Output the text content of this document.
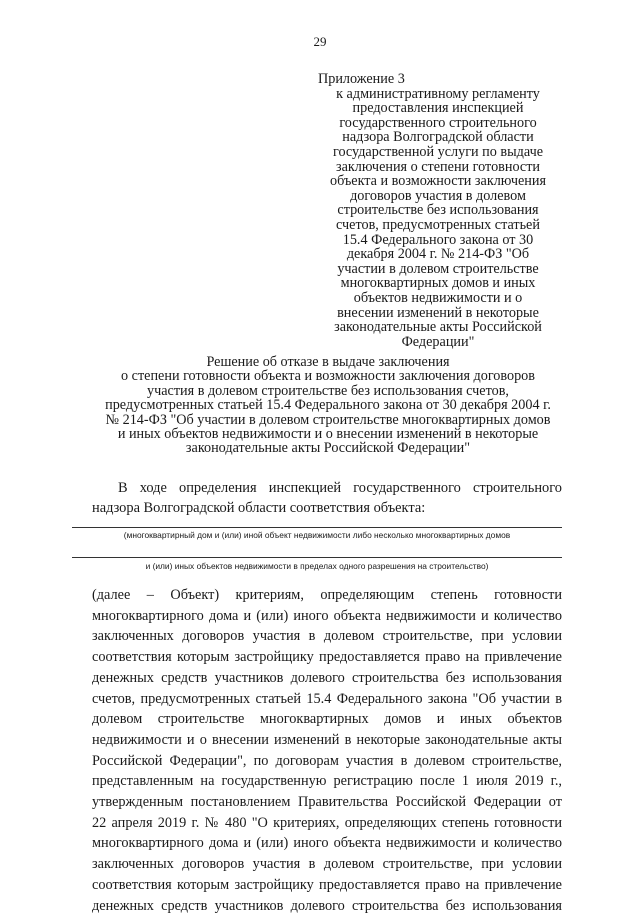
29
Приложение 3
к административному регламенту
предоставления инспекцией
государственного строительного
надзора Волгоградской области
государственной услуги по выдаче
заключения о степени готовности
объекта и возможности заключения
договоров участия в долевом
строительстве без использования
счетов, предусмотренных статьей
15.4 Федерального закона от 30
декабря 2004 г. № 214-ФЗ "Об
участии в долевом строительстве
многоквартирных домов и иных
объектов недвижимости и о
внесении изменений в некоторые
законодательные акты Российской
Федерации"
Решение об отказе в выдаче заключения
о степени готовности объекта и возможности заключения договоров
участия в долевом строительстве без использования счетов,
предусмотренных статьей 15.4 Федерального закона от 30 декабря 2004 г.
№ 214-ФЗ "Об участии в долевом строительстве многоквартирных домов
и иных объектов недвижимости и о внесении изменений в некоторые
законодательные акты Российской Федерации"
В ходе определения инспекцией государственного строительного
надзора Волгоградской области соответствия объекта:
(многоквартирный дом и (или) иной объект недвижимости либо несколько многоквартирных домов
и (или) иных объектов недвижимости в пределах одного разрешения на строительство)
(далее – Объект) критериям, определяющим степень готовности
многоквартирного дома и (или) иного объекта недвижимости и количество
заключенных договоров участия в долевом строительстве, при условии
соответствия которым застройщику предоставляется право на привлечение
денежных средств участников долевого строительства без использования
счетов, предусмотренных статьей 15.4 Федерального закона "Об участии в
долевом строительстве многоквартирных домов и иных объектов
недвижимости и о внесении изменений в некоторые законодательные акты
Российской Федерации", по договорам участия в долевом строительстве,
представленным на государственную регистрацию после 1 июля 2019 г.,
утвержденным постановлением Правительства Российской Федерации от
22 апреля 2019 г. № 480 "О критериях, определяющих степень готовности
многоквартирного дома и (или) иного объекта недвижимости и количество
заключенных договоров участия в долевом строительстве, при условии
соответствия которым застройщику предоставляется право на привлечение
денежных средств участников долевого строительства без использования
